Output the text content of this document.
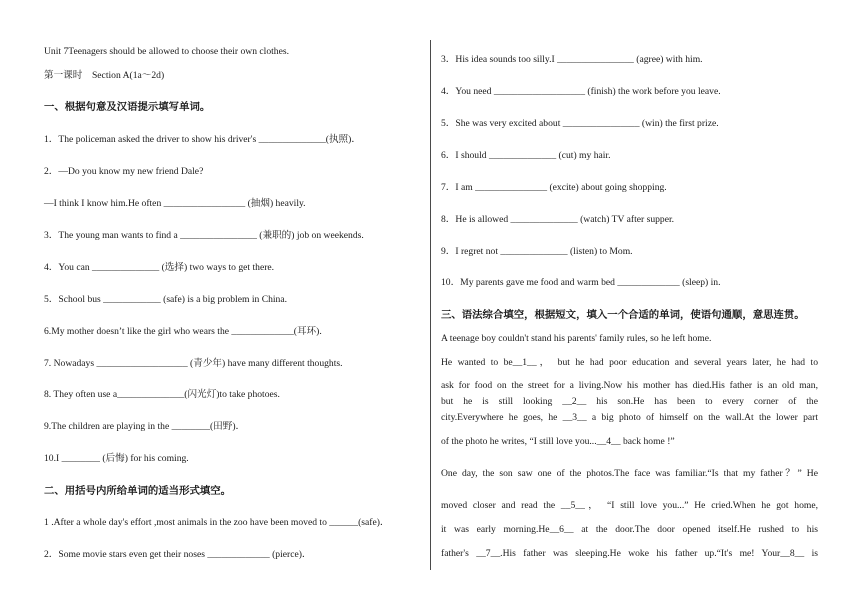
Unit 7Teenagers should be allowed to choose their own clothes.
第一课时　Section A(1a～2d)
一、根据句意及汉语提示填写单词。
1．The policeman asked the driver to show his driver's ______________(执照)．
2．—Do you know my new friend Dale?
—I think I know him.He often _________________ (抽烟) heavily.
3．The young man wants to find a ________________ (兼职的) job on weekends.
4．You can ______________ (选择) two ways to get there.
5．School bus ____________ (safe) is a big problem in China.
6.My mother doesn’t like the girl who wears the _____________(耳环).
7. Nowadays ___________________ (青少年) have many different thoughts.
8. They often use a______________(闪光灯)to take photoes.
9.The children are playing in the ________(田野)．
10.I ________ (后悔) for his coming.
二、用括号内所给单词的适当形式填空。
1 .After a whole day's effort ,most animals in the zoo have been moved to ______(safe)．
2．Some movie stars even get their noses _____________ (pierce)．
3．His idea sounds too silly.I ________________ (agree) with him.
4．You need ___________________ (finish) the work before you leave.
5．She was very excited about ________________ (win) the first prize.
6．I should ______________ (cut) my hair.
7．I am _______________ (excite) about going shopping.
8．He is allowed ______________ (watch) TV after supper.
9．I regret not ______________ (listen) to Mom.
10．My parents gave me food and warm bed _____________ (sleep) in.
三、语法综合填空，根据短文，填入一个合适的单词，使语句通顺，意思连贯。
A teenage boy couldn't stand his parents' family rules, so he left home.
He wanted to be__1__， but he had poor education and several years later, he had to
ask for food on the street for a living.Now his mother has died.His father is an old man,
but he is still looking __2__ his son.He has been to every corner of the
city.Everywhere he goes, he __3__ a big photo of himself on the wall.At the lower part
of the photo he writes, “I still love you...__4__ back home !”
One day, the son saw one of the photos.The face was familiar.“Is that my father？” He
moved closer and read the __5__， “I still love you...” He cried.When he got home,
it was early morning.He__6__ at the door.The door opened itself.He rushed to his
father's __7__.His father was sleeping.He woke his father up.“It's me! Your__8__ is
